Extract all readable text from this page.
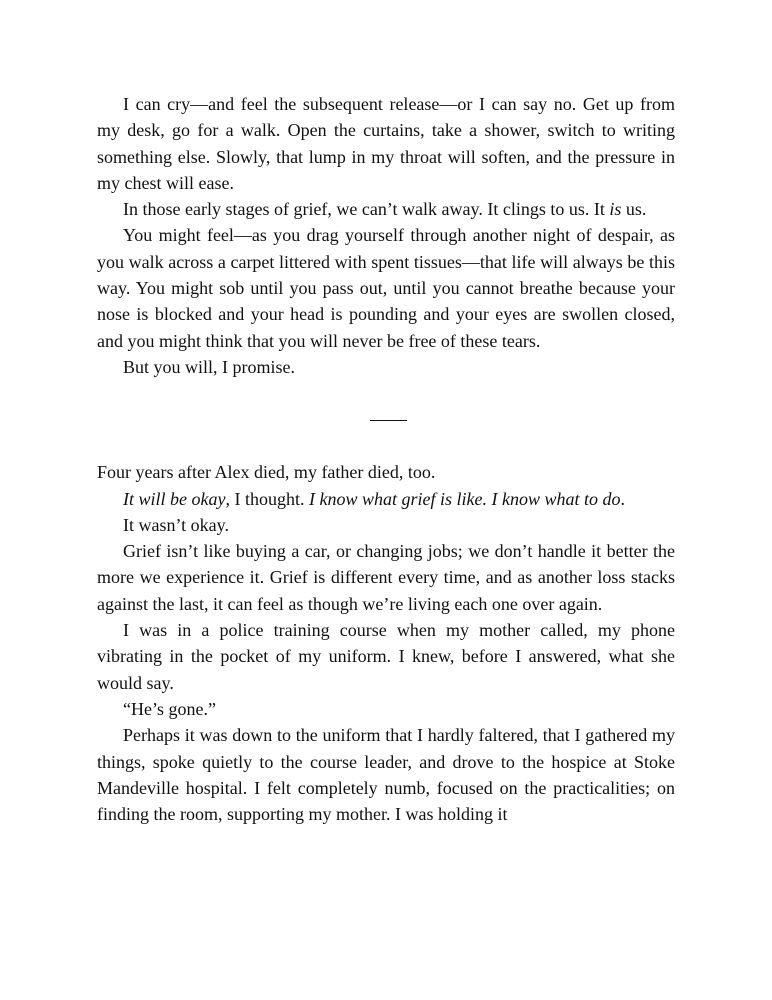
I can cry—and feel the subsequent release—or I can say no. Get up from my desk, go for a walk. Open the curtains, take a shower, switch to writing something else. Slowly, that lump in my throat will soften, and the pressure in my chest will ease.

In those early stages of grief, we can’t walk away. It clings to us. It is us.

You might feel—as you drag yourself through another night of despair, as you walk across a carpet littered with spent tissues—that life will always be this way. You might sob until you pass out, until you cannot breathe because your nose is blocked and your head is pounding and your eyes are swollen closed, and you might think that you will never be free of these tears.

But you will, I promise.

Four years after Alex died, my father died, too.

It will be okay, I thought. I know what grief is like. I know what to do.

It wasn’t okay.

Grief isn’t like buying a car, or changing jobs; we don’t handle it better the more we experience it. Grief is different every time, and as another loss stacks against the last, it can feel as though we’re living each one over again.

I was in a police training course when my mother called, my phone vibrating in the pocket of my uniform. I knew, before I answered, what she would say.

“He’s gone.”

Perhaps it was down to the uniform that I hardly faltered, that I gathered my things, spoke quietly to the course leader, and drove to the hospice at Stoke Mandeville hospital. I felt completely numb, focused on the practicalities; on finding the room, supporting my mother. I was holding it
